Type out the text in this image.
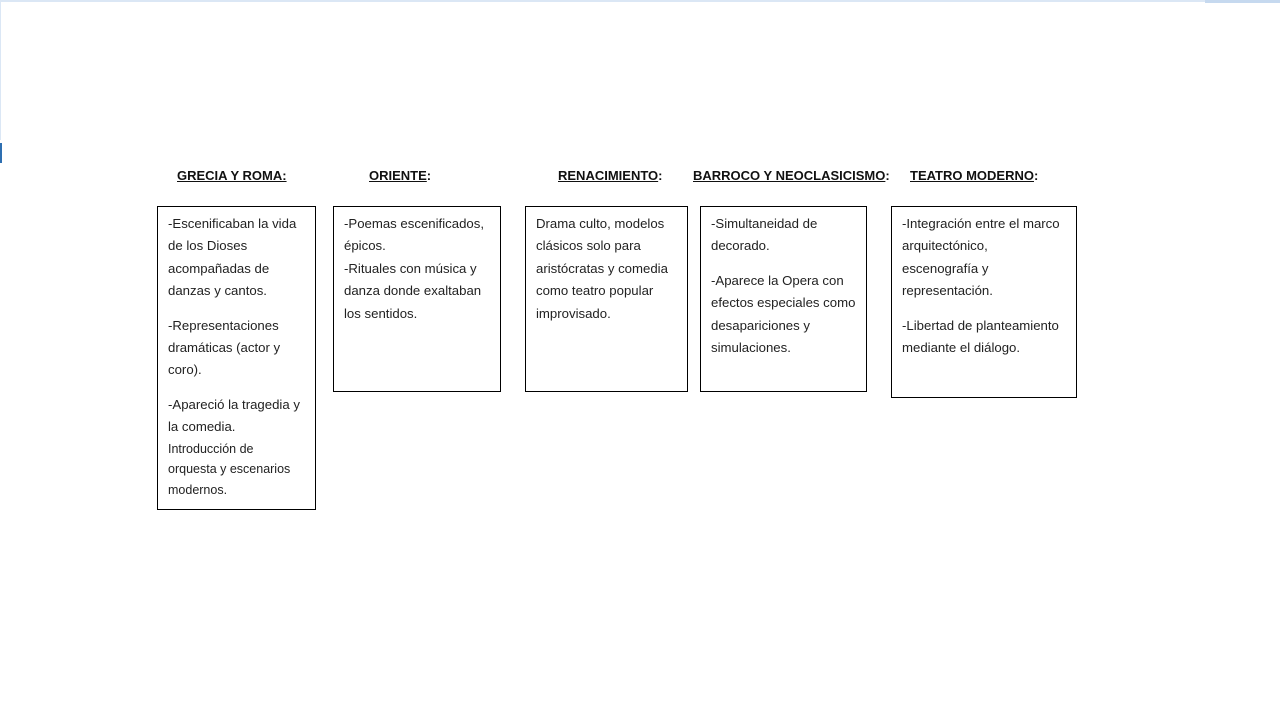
GRECIA Y ROMA:	ORIENTE:	RENACIMIENTO: BARROCO Y NEOCLASICISMO: TEATRO MODERNO:

-Escenificaban la vida de los Dioses acompañadas de danzas y cantos.

-Representaciones dramáticas (actor y coro).

-Apareció la tragedia y la comedia.

Introducción de orquesta y escenarios modernos.

-Poemas escenificados, épicos.

-Rituales con música y danza donde exaltaban los sentidos.

Drama culto, modelos clásicos solo para aristócratas y comedia como teatro popular improvisado.

-Simultaneidad de decorado.

-Aparece la Opera con efectos especiales como desapariciones y simulaciones.

-Integración entre el marco arquitectónico, escenografía y representación.

-Libertad de planteamiento mediante el diálogo.
